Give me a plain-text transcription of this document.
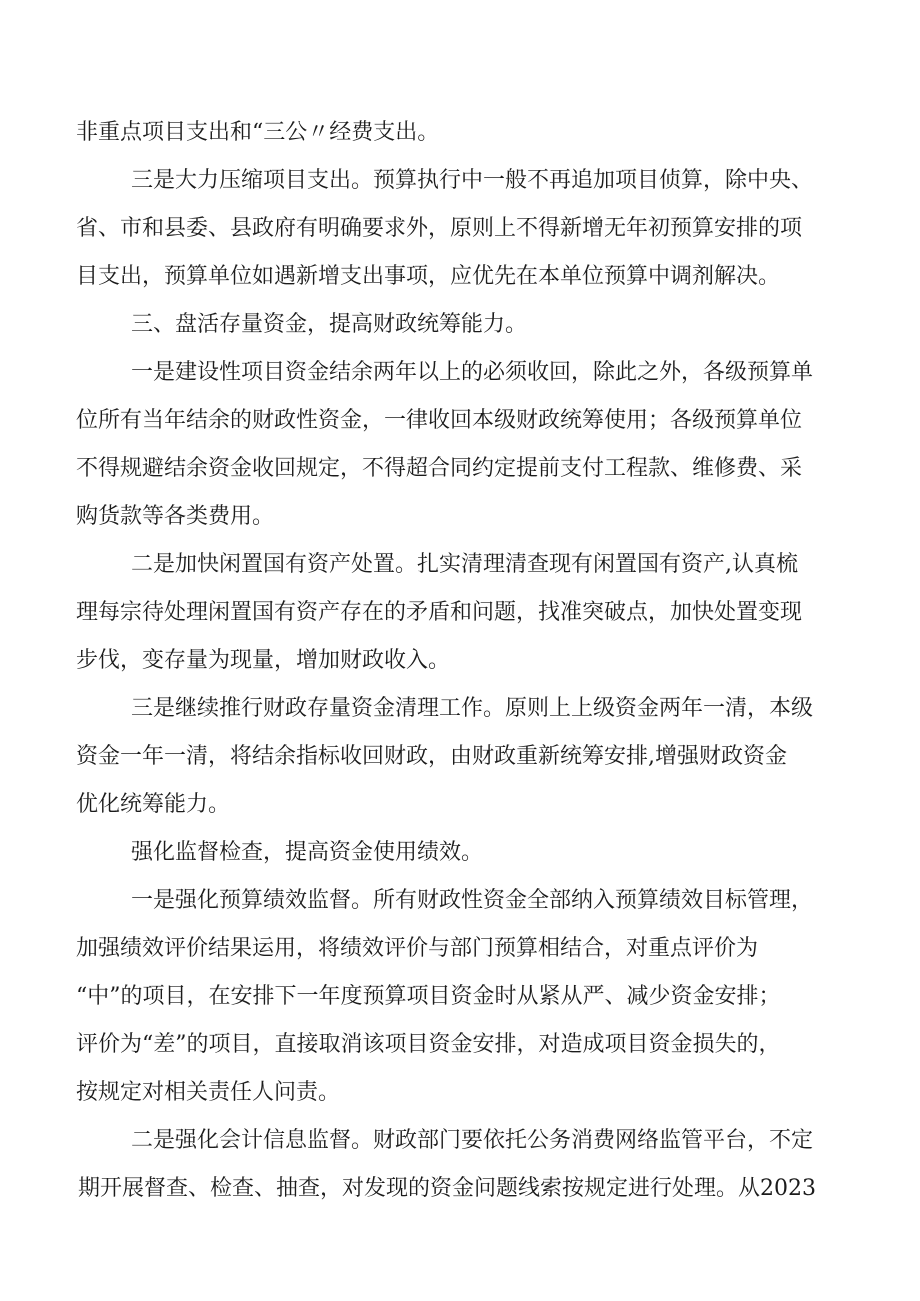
非重点项目支出和“三公〃经费支出。

三是大力压缩项目支出。预算执行中一般不再追加项目侦算，除中央、

省、市和县委、县政府有明确要求外，原则上不得新增无年初预算安排的项

目支出，预算单位如遇新增支出事项，应优先在本单位预算中调剂解决。

三、盘活存量资金，提高财政统筹能力。

一是建设性项目资金结余两年以上的必须收回，除此之外，各级预算单

位所有当年结余的财政性资金，一律收回本级财政统筹使用；各级预算单位

不得规避结余资金收回规定，不得超合同约定提前支付工程款、维修费、采

购货款等各类费用。

二是加快闲置国有资产处置。扎实清理清查现有闲置国有资产,认真梳

理每宗待处理闲置国有资产存在的矛盾和问题，找准突破点，加快处置变现

步伐，变存量为现量，增加财政收入。

三是继续推行财政存量资金清理工作。原则上上级资金两年一清，本级

资金一年一清，将结余指标收回财政，由财政重新统筹安排,增强财政资金

优化统筹能力。

强化监督检查，提高资金使用绩效。

一是强化预算绩效监督。所有财政性资金全部纳入预算绩效目标管理，

加强绩效评价结果运用，将绩效评价与部门预算相结合，对重点评价为

“中”的项目，在安排下一年度预算项目资金时从紧从严、减少资金安排；

评价为“差”的项目，直接取消该项目资金安排，对造成项目资金损失的，

按规定对相关责任人问责。

二是强化会计信息监督。财政部门要依托公务消费网络监管平台，不定

期开展督查、检查、抽查，对发现的资金问题线索按规定进行处理。从2023
